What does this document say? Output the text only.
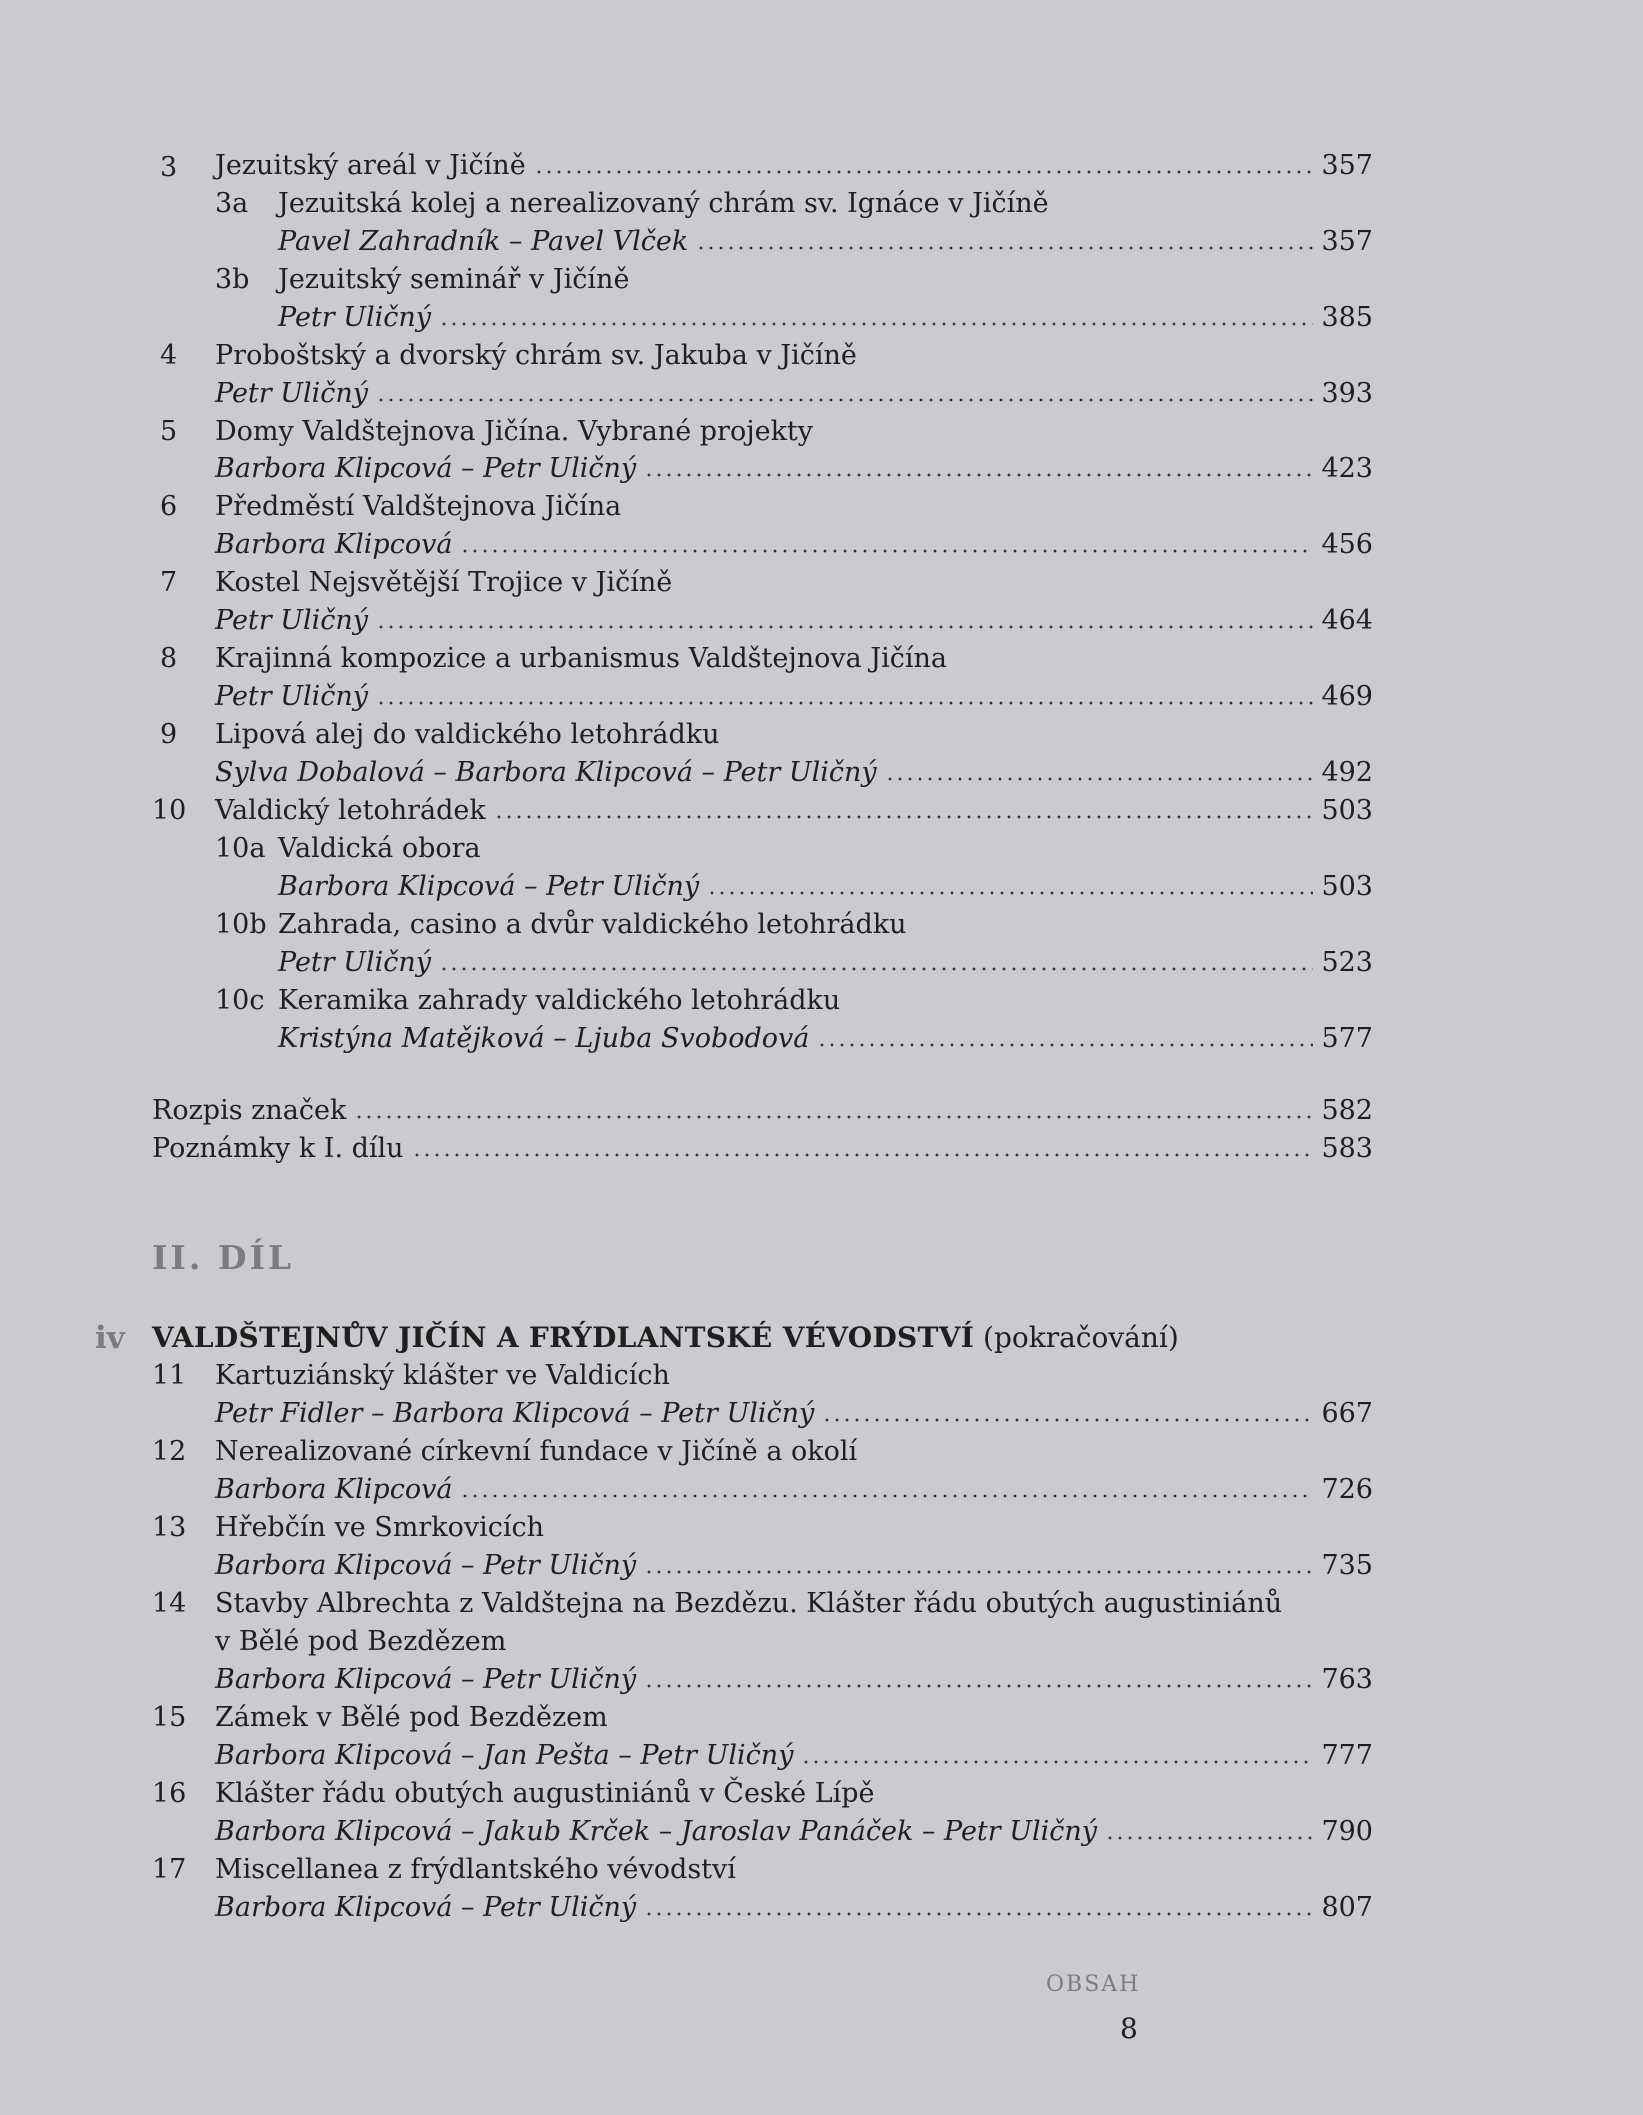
3 Jezuitský areál v Jičíně	357
3a Jezuitská kolej a nerealizovaný chrám sv. Ignáce v Jičíně
Pavel Zahradník – Pavel Vlček	357
3b Jezuitský seminář v Jičíně
Petr Uličný	385
4 Proboštský a dvorský chrám sv. Jakuba v Jičíně
Petr Uličný	393
5 Domy Valdštejnova Jičína. Vybrané projekty
Barbora Klipcová – Petr Uličný	423
6 Předměstí Valdštejnova Jičína
Barbora Klipcová	456
7 Kostel Nejsvětější Trojice v Jičíně
Petr Uličný	464
8 Krajinná kompozice a urbanismus Valdštejnova Jičína
Petr Uličný	469
9 Lipová alej do valdického letohrádku
Sylva Dobalová – Barbora Klipcová – Petr Uličný	492
10 Valdický letohrádek	503
10a Valdická obora
Barbora Klipcová – Petr Uličný	503
10b Zahrada, casino a dvůr valdického letohrádku
Petr Uličný	523
10c Keramika zahrady valdického letohrádku
Kristýna Matějková – Ljuba Svobodová	577
Rozpis značek	582
Poznámky k I. dílu	583
II. DÍL
iv VALDŠTEJNŮV JIČÍN A FRÝDLANTSKÉ VÉVODSTVÍ (pokračování)
11 Kartuziánský klášter ve Valdicích
Petr Fidler – Barbora Klipcová – Petr Uličný	667
12 Nerealizované církevní fundace v Jičíně a okolí
Barbora Klipcová	726
13 Hřebčín ve Smrkovicích
Barbora Klipcová – Petr Uličný	735
14 Stavby Albrechta z Valdštejna na Bezdězu. Klášter řádu obutých augustiniánů
v Bělé pod Bezdězem
Barbora Klipcová – Petr Uličný	763
15 Zámek v Bělé pod Bezdězem
Barbora Klipcová – Jan Pešta – Petr Uličný	777
16 Klášter řádu obutých augustiniánů v České Lípě
Barbora Klipcová – Jakub Krček – Jaroslav Panáček – Petr Uličný	790
17 Miscellanea z frýdlantského vévodství
Barbora Klipcová – Petr Uličný	807
OBSAH
8
